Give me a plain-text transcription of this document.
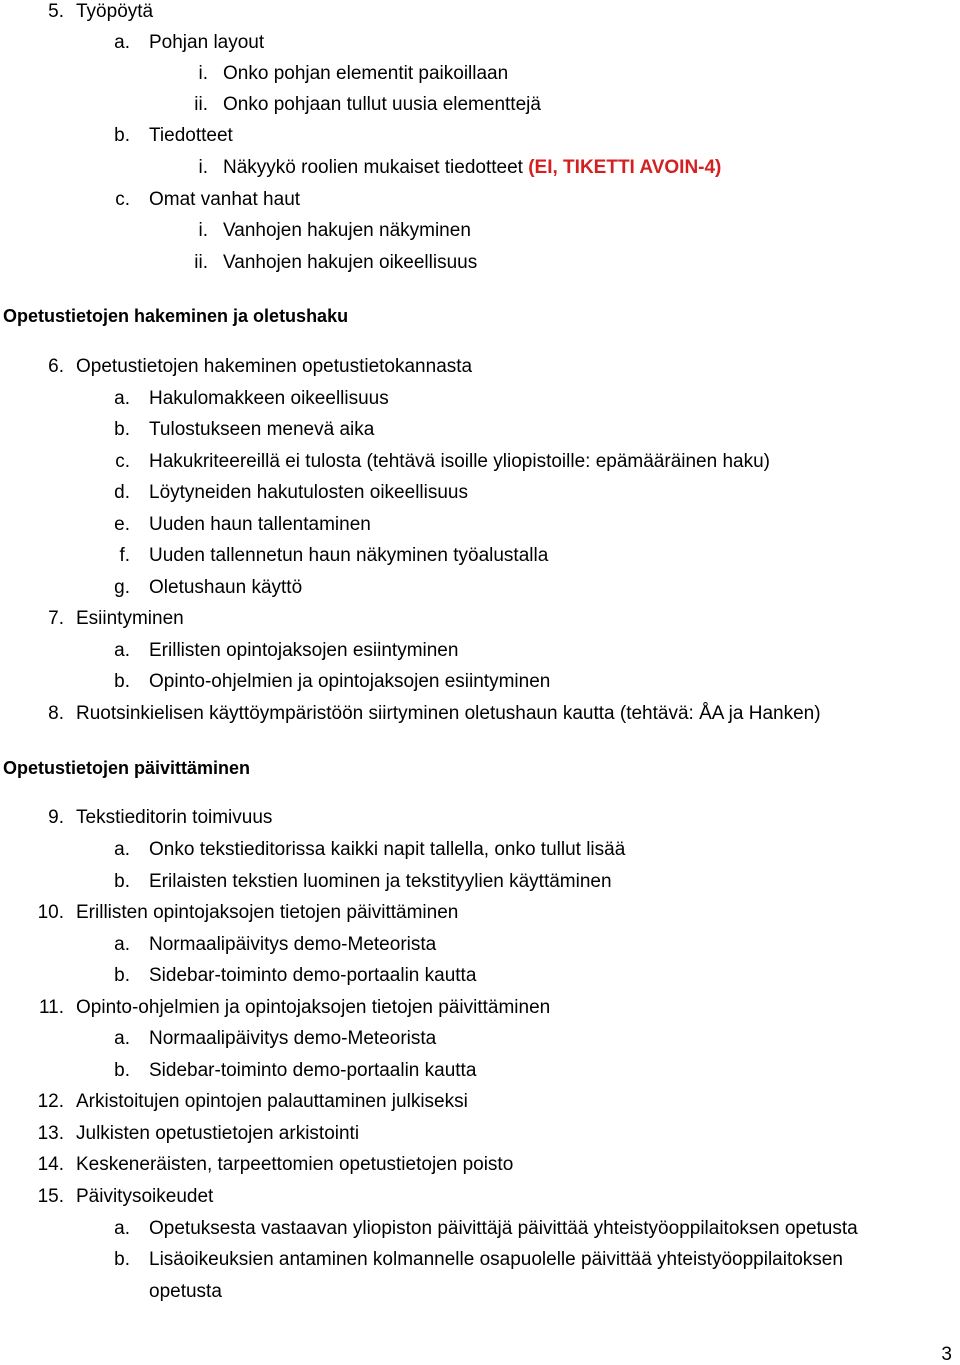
5. Työpöytä
a. Pohjan layout
i. Onko pohjan elementit paikoillaan
ii. Onko pohjaan tullut uusia elementtejä
b. Tiedotteet
i. Näkyykö roolien mukaiset tiedotteet (EI, TIKETTI AVOIN-4)
c. Omat vanhat haut
i. Vanhojen hakujen näkyminen
ii. Vanhojen hakujen oikeellisuus
Opetustietojen hakeminen ja oletushaku
6. Opetustietojen hakeminen opetustietokannasta
a. Hakulomakkeen oikeellisuus
b. Tulostukseen menevä aika
c. Hakukriteereillä ei tulosta (tehtävä isoille yliopistoille: epämääräinen haku)
d. Löytyneiden hakutulosten oikeellisuus
e. Uuden haun tallentaminen
f. Uuden tallennetun haun näkyminen työalustalla
g. Oletushaun käyttö
7. Esiintyminen
a. Erillisten opintojaksojen esiintyminen
b. Opinto-ohjelmien ja opintojaksojen esiintyminen
8. Ruotsinkielisen käyttöympäristöön siirtyminen oletushaun kautta (tehtävä: ÅA ja Hanken)
Opetustietojen päivittäminen
9. Tekstieditorin toimivuus
a. Onko tekstieditorissa kaikki napit tallella, onko tullut lisää
b. Erilaisten tekstien luominen ja tekstityylien käyttäminen
10. Erillisten opintojaksojen tietojen päivittäminen
a. Normaalipäivitys demo-Meteorista
b. Sidebar-toiminto demo-portaalin kautta
11. Opinto-ohjelmien ja opintojaksojen tietojen päivittäminen
a. Normaalipäivitys demo-Meteorista
b. Sidebar-toiminto demo-portaalin kautta
12. Arkistoitujen opintojen palauttaminen julkiseksi
13. Julkisten opetustietojen arkistointi
14. Keskeneräisten, tarpeettomien opetustietojen poisto
15. Päivitysoikeudet
a. Opetuksesta vastaavan yliopiston päivittäjä päivittää yhteistyöoppilaitoksen opetusta
b. Lisäoikeuksien antaminen kolmannelle osapuolelle päivittää yhteistyöoppilaitoksen
opetusta
3
